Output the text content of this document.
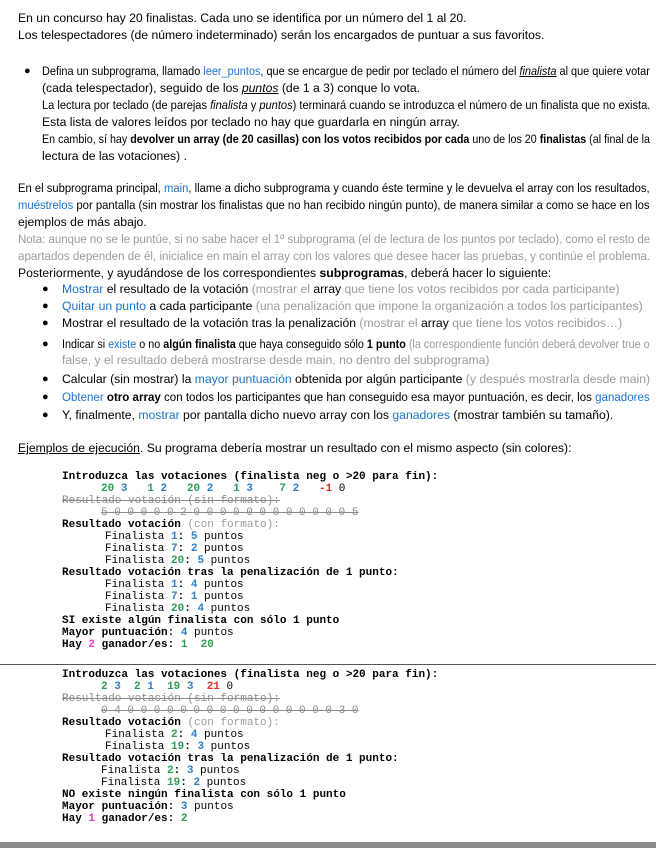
En un concurso hay 20 finalistas. Cada uno se identifica por un número del 1 al 20.
Los telespectadores (de número indeterminado) serán los encargados de puntuar a sus favoritos.
● Defina un subprograma, llamado leer_puntos, que se encargue de pedir por teclado el número del finalista al que quiere votar
(cada telespectador), seguido de los puntos (de 1 a 3) conque lo vota.
La lectura por teclado (de parejas finalista y puntos) terminará cuando se introduzca el número de un finalista que no exista.
Esta lista de valores leídos por teclado no hay que guardarla en ningún array.
En cambio, sí hay devolver un array (de 20 casillas) con los votos recibidos por cada uno de los 20 finalistas (al final de la
lectura de las votaciones) .
En el subprograma principal, main, llame a dicho subprograma y cuando éste termine y le devuelva el array con los resultados,
muéstrelos por pantalla (sin mostrar los finalistas que no han recibido ningún punto), de manera similar a como se hace en los
ejemplos de más abajo.
Nota: aunque no se le puntúe, si no sabe hacer el 1º subprograma (el de lectura de los puntos por teclado), como el resto de
apartados dependen de él, inicialice en main el array con los valores que desee hacer las pruebas, y continúe el problema.
Posteriormente, y ayudándose de los correspondientes subprogramas, deberá hacer lo siguiente:
● Mostrar el resultado de la votación (mostrar el array que tiene los votos recibidos por cada participante)
● Quitar un punto a cada participante (una penalización que impone la organización a todos los participantes)
● Mostrar el resultado de la votación tras la penalización (mostrar el array que tiene los votos recibidos…)
● Indicar si existe o no algún finalista que haya conseguido sólo 1 punto (la correspondiente función deberá devolver true o
false, y el resultado deberá mostrarse desde main, no dentro del subprograma)
● Calcular (sin mostrar) la mayor puntuación obtenida por algún participante (y después mostrarla desde main)
● Obtener otro array con todos los participantes que han conseguido esa mayor puntuación, es decir, los ganadores
● Y, finalmente, mostrar por pantalla dicho nuevo array con los ganadores (mostrar también su tamaño).
Ejemplos de ejecución. Su programa debería mostrar un resultado con el mismo aspecto (sin colores):
Introduzca las votaciones (finalista neg o >20 para fin):
20 3 1 2 20 2 1 3 7 2 -1 0
Resultado votación (sin formato):
5 0 0 0 0 0 2 0 0 0 0 0 0 0 0 0 0 0 0 5
Resultado votación (con formato):
Finalista 1: 5 puntos
Finalista 7: 2 puntos
Finalista 20: 5 puntos
Resultado votación tras la penalización de 1 punto:
Finalista 1: 4 puntos
Finalista 7: 1 puntos
Finalista 20: 4 puntos
SI existe algún finalista con sólo 1 punto
Mayor puntuación: 4 puntos
Hay 2 ganador/es: 1 20
Introduzca las votaciones (finalista neg o >20 para fin):
2 3 2 1 19 3 21 0
Resultado votación (sin formato):
0 4 0 0 0 0 0 0 0 0 0 0 0 0 0 0 0 0 3 0
Resultado votación (con formato):
Finalista 2: 4 puntos
Finalista 19: 3 puntos
Resultado votación tras la penalización de 1 punto:
Finalista 2: 3 puntos
Finalista 19: 2 puntos
NO existe ningún finalista con sólo 1 punto
Mayor puntuación: 3 puntos
Hay 1 ganador/es: 2
